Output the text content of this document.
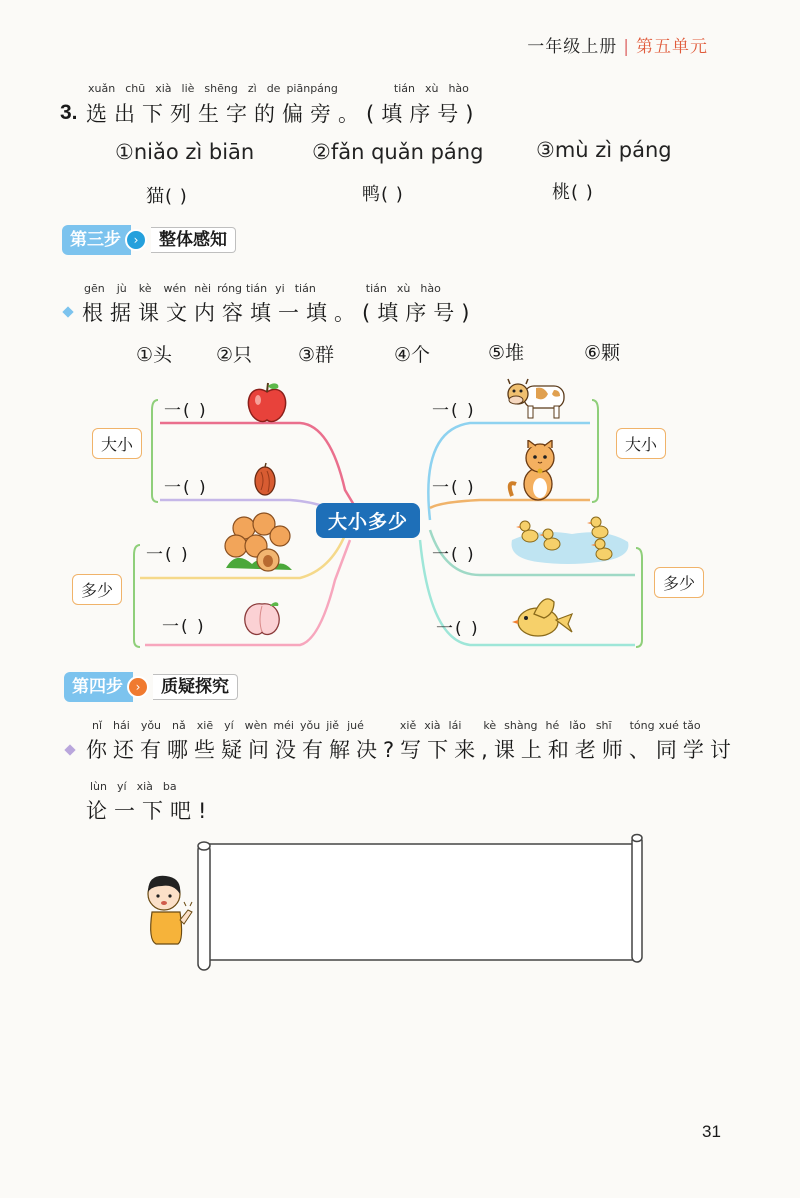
一年级上册 | 第五单元
xuǎn chū xià liè shēng zì de piānpáng	tián xù hào
3. 选出下列生字的偏旁。(填序号)
①niǎo zì biān	②fǎn quǎn páng	③mù zì páng
猫( )	鸭( )	桃( )
第三步	›	整体感知
gēn jù kè wén nèi róng tián yi tián	tián xù hào
根据课文内容填一填。(填序号)
①头 ②只 ③群	④个	⑤堆	⑥颗
大小
多少
大小
多少
大小多少
一( )
一( )
一( )
一( )
一( )
一( )
一( )
一( )
第四步	›	质疑探究
nǐ hái yǒu nǎ xiē yí wèn méi yǒu jiě jué	xiě xià lái kè shàng hé lǎo shī tóng xué tǎo
你还有哪些疑问没有解决?写下来,课上和老师、同学讨
lùn yí xià ba
论一下吧!
31
